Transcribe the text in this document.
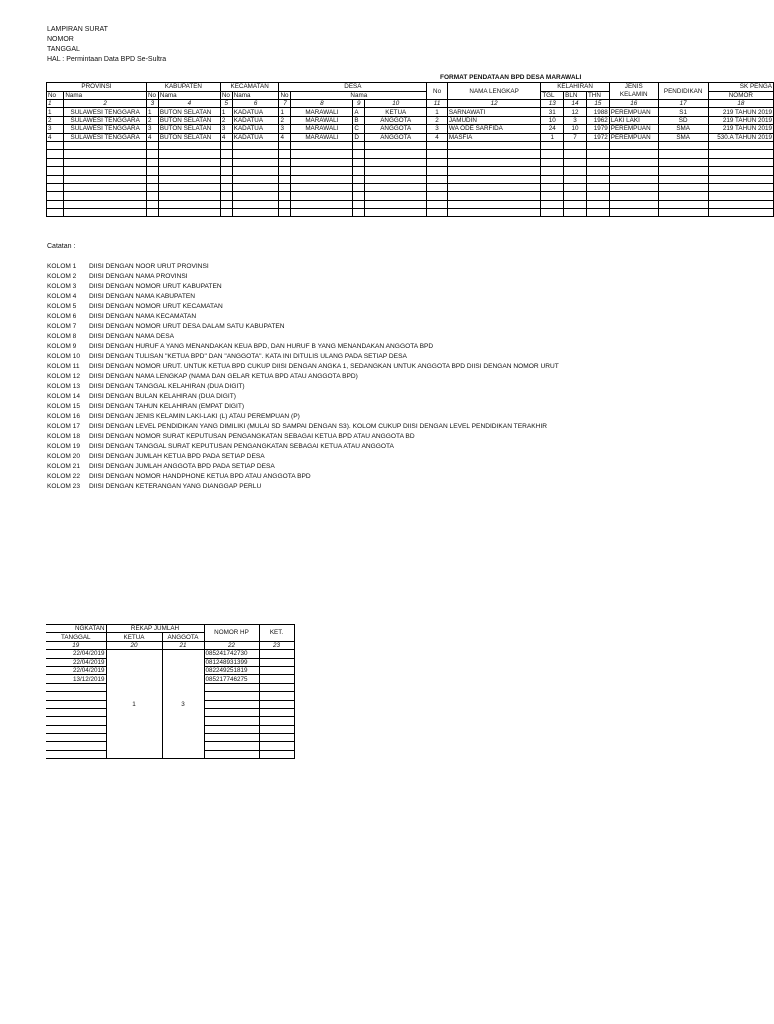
LAMPIRAN SURAT
NOMOR
TANGGAL
HAL : Permintaan Data BPD Se-Sultra
FORMAT PENDATAAN BPD DESA MARAWALI
PROVINSI		KABUPATEN		KECAMATAN		DESA				No	NAMA LENGKAP	KELAHIRAN			JENIS KELAMIN	PENDIDIKAN	SK PENGA
No	Nama	No	Nama	No	Nama	No	Nama					TGL	BLN	THN			NOMOR
1	2	3	4	5	6	7	8	9	10	11	12	13	14	15	16	17	18
1	SULAWESI TENGGARA	1	BUTON SELATAN	1	KADATUA	1	MARAWALI	A	KETUA	1	SARNAWATI	31	12	1988	PEREMPUAN	S1	219 TAHUN 2019
2	SULAWESI TENGGARA	2	BUTON SELATAN	2	KADATUA	2	MARAWALI	B	ANGGOTA	2	JAMUDIN	10	3	1962	LAKI LAKI	SD	219 TAHUN 2019
3	SULAWESI TENGGARA	3	BUTON SELATAN	3	KADATUA	3	MARAWALI	C	ANGGOTA	3	WA ODE SARFIDA	24	10	1979	PEREMPUAN	SMA	219 TAHUN 2019
4	SULAWESI TENGGARA	4	BUTON SELATAN	4	KADATUA	4	MARAWALI	D	ANGGOTA	4	MASFIA	1	7	1972	PEREMPUAN	SMA	530.A TAHUN 2019

Catatan :
KOLOM 1 DIISI DENGAN NOOR URUT PROVINSI
KOLOM 2 DIISI DENGAN NAMA PROVINSI
KOLOM 3 DIISI DENGAN NOMOR URUT KABUPATEN
KOLOM 4 DIISI DENGAN NAMA KABUPATEN
KOLOM 5 DIISI DENGAN NOMOR URUT KECAMATAN
KOLOM 6 DIISI DENGAN NAMA KECAMATAN
KOLOM 7 DIISI DENGAN NOMOR URUT DESA DALAM SATU KABUPATEN
KOLOM 8 DIISI DENGAN NAMA DESA
KOLOM 9 DIISI DENGAN HURUF A YANG MENANDAKAN KEUA BPD, DAN HURUF B YANG MENANDAKAN ANGGOTA BPD
KOLOM 10 DIISI DENGAN TULISAN "KETUA BPD" DAN "ANGGOTA". KATA INI DITULIS ULANG PADA SETIAP DESA
KOLOM 11 DIISI DENGAN NOMOR URUT. UNTUK KETUA BPD CUKUP DIISI DENGAN ANGKA 1, SEDANGKAN UNTUK ANGGOTA BPD DIISI DENGAN NOMOR URUT
KOLOM 12 DIISI DENGAN NAMA LENGKAP (NAMA DAN GELAR KETUA BPD ATAU ANGGOTA BPD)
KOLOM 13 DIISI DENGAN TANGGAL KELAHIRAN (DUA DIGIT)
KOLOM 14 DIISI DENGAN BULAN KELAHIRAN (DUA DIGIT)
KOLOM 15 DIISI DENGAN TAHUN KELAHIRAN (EMPAT DIGIT)
KOLOM 16 DIISI DENGAN JENIS KELAMIN LAKI-LAKI (L) ATAU PEREMPUAN (P)
KOLOM 17 DIISI DENGAN LEVEL PENDIDIKAN YANG DIMILIKI (MULAI SD SAMPAI DENGAN S3). KOLOM CUKUP DIISI DENGAN LEVEL PENDIDIKAN TERAKHIR
KOLOM 18 DIISI DENGAN NOMOR SURAT KEPUTUSAN PENGANGKATAN SEBAGAI KETUA BPD ATAU ANGGOTA BD
KOLOM 19 DIISI DENGAN TANGGAL SURAT KEPUTUSAN PENGANGKATAN SEBAGAI KETUA ATAU ANGGOTA
KOLOM 20 DIISI DENGAN JUMLAH KETUA BPD PADA SETIAP DESA
KOLOM 21 DIISI DENGAN JUMLAH ANGGOTA BPD PADA SETIAP DESA
KOLOM 22 DIISI DENGAN NOMOR HANDPHONE KETUA BPD ATAU ANGGOTA BPD
KOLOM 23 DIISI DENGAN KETERANGAN YANG DIANGGAP PERLU
NGKATAN	REKAP JUMLAH		NOMOR HP	KET.
TANGGAL	KETUA	ANGGOTA		
19	20	21	22	23
22/04/2019	1	3	085241742730	
22/04/2019			081248931399	
22/04/2019			082249251819	
13/12/2019			085217746275	
